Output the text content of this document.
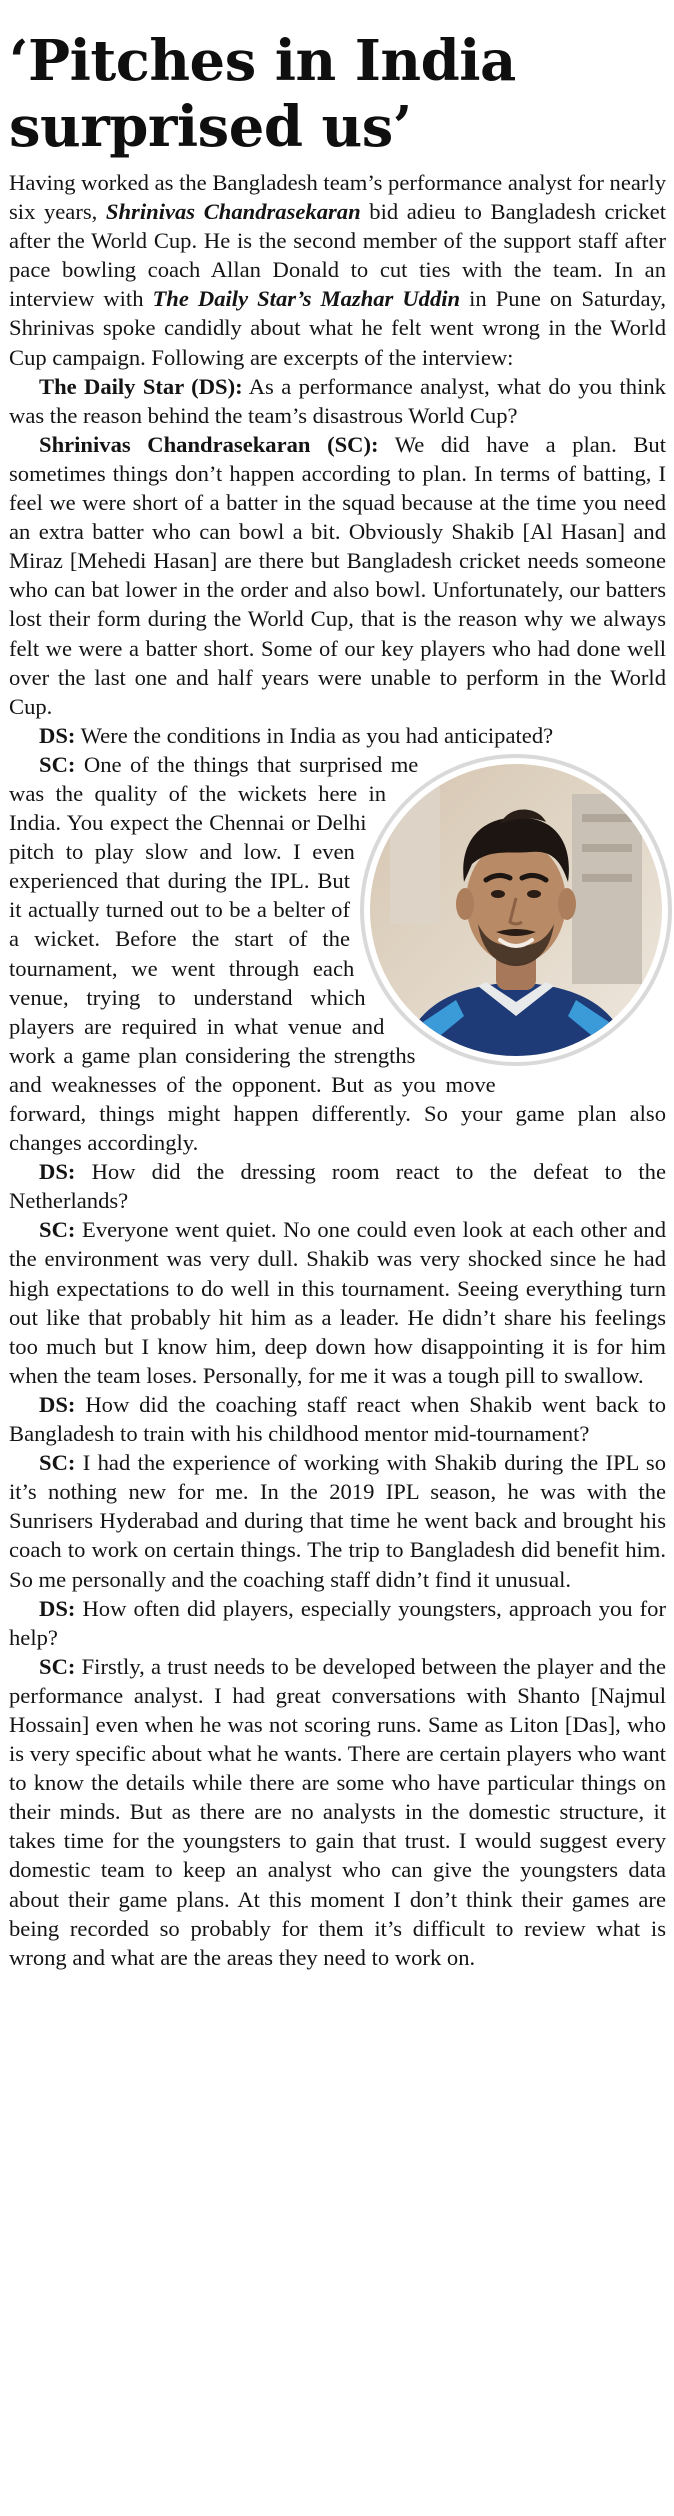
‘Pitches in India surprised us’

Having worked as the Bangladesh team’s performance analyst for nearly six years, Shrinivas Chandrasekaran bid adieu to Bangladesh cricket after the World Cup. He is the second member of the support staff after pace bowling coach Allan Donald to cut ties with the team. In an interview with The Daily Star’s Mazhar Uddin in Pune on Saturday, Shrinivas spoke candidly about what he felt went wrong in the World Cup campaign. Following are excerpts of the interview:

The Daily Star (DS): As a performance analyst, what do you think was the reason behind the team’s disastrous World Cup?

Shrinivas Chandrasekaran (SC): We did have a plan. But sometimes things don’t happen according to plan. In terms of batting, I feel we were short of a batter in the squad because at the time you need an extra batter who can bowl a bit. Obviously Shakib [Al Hasan] and Miraz [Mehedi Hasan] are there but Bangladesh cricket needs someone who can bat lower in the order and also bowl. Unfortunately, our batters lost their form during the World Cup, that is the reason why we always felt we were a batter short. Some of our key players who had done well over the last one and half years were unable to perform in the World Cup.

DS: Were the conditions in India as you had anticipated?

SC: One of the things that surprised me was the quality of the wickets here in India. You expect the Chennai or Delhi pitch to play slow and low. I even experienced that during the IPL. But it actually turned out to be a belter of a wicket. Before the start of the tournament, we went through each venue, trying to understand which players are required in what venue and work a game plan considering the strengths and weaknesses of the opponent. But as you move forward, things might happen differently. So your game plan also changes accordingly.

DS: How did the dressing room react to the defeat to the Netherlands?

SC: Everyone went quiet. No one could even look at each other and the environment was very dull. Shakib was very shocked since he had high expectations to do well in this tournament. Seeing everything turn out like that probably hit him as a leader. He didn’t share his feelings too much but I know him, deep down how disappointing it is for him when the team loses. Personally, for me it was a tough pill to swallow.

DS: How did the coaching staff react when Shakib went back to Bangladesh to train with his childhood mentor mid-tournament?

SC: I had the experience of working with Shakib during the IPL so it’s nothing new for me. In the 2019 IPL season, he was with the Sunrisers Hyderabad and during that time he went back and brought his coach to work on certain things. The trip to Bangladesh did benefit him. So me personally and the coaching staff didn’t find it unusual.

DS: How often did players, especially youngsters, approach you for help?

SC: Firstly, a trust needs to be developed between the player and the performance analyst. I had great conversations with Shanto [Najmul Hossain] even when he was not scoring runs. Same as Liton [Das], who is very specific about what he wants. There are certain players who want to know the details while there are some who have particular things on their minds. But as there are no analysts in the domestic structure, it takes time for the youngsters to gain that trust. I would suggest every domestic team to keep an analyst who can give the youngsters data about their game plans. At this moment I don’t think their games are being recorded so probably for them it’s difficult to review what is wrong and what are the areas they need to work on.
